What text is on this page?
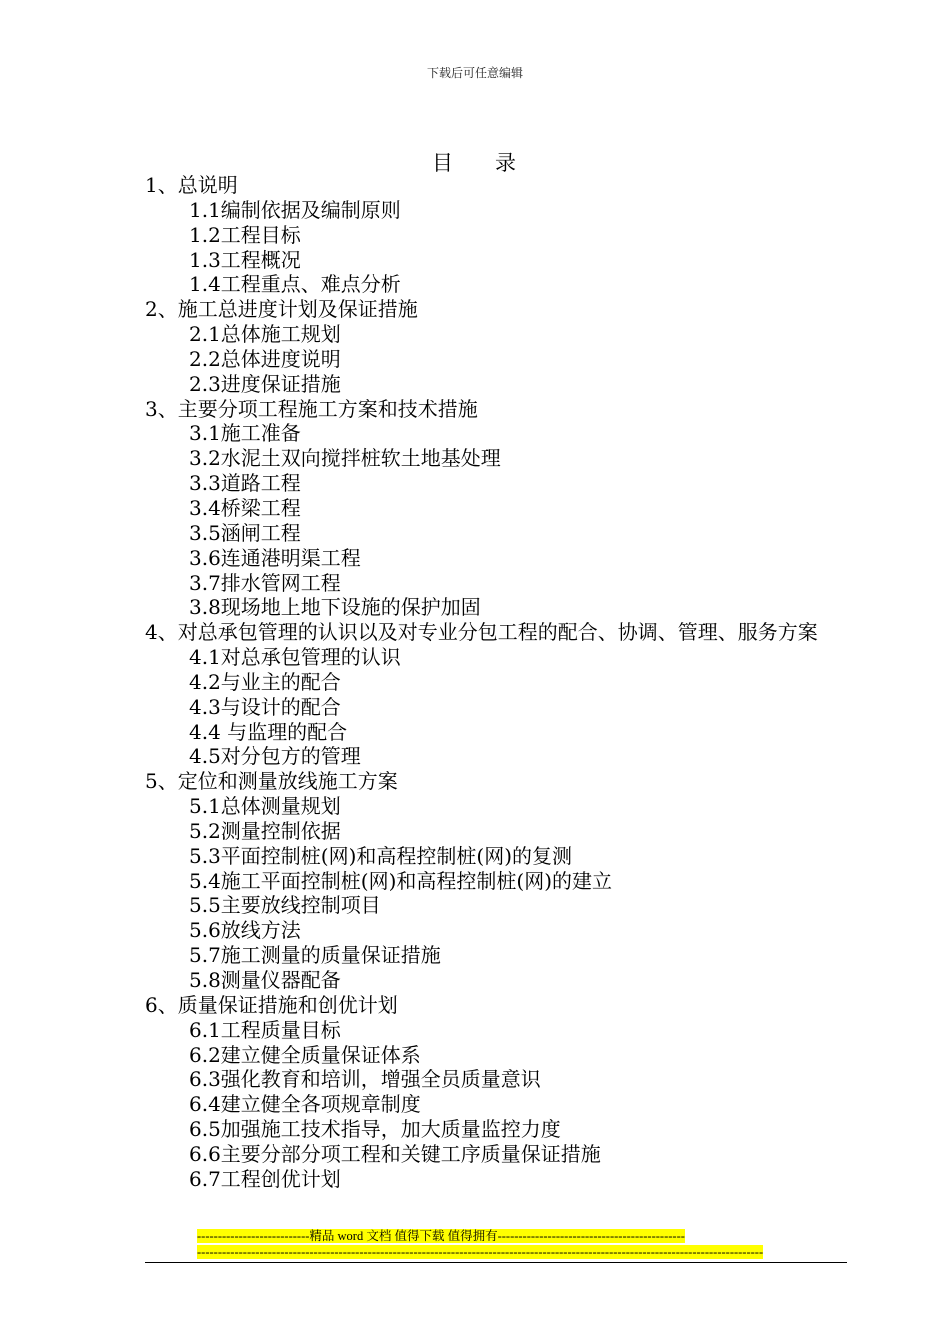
下载后可任意编辑
目录
1、总说明
1.1编制依据及编制原则
1.2工程目标
1.3工程概况
1.4工程重点、难点分析
2、施工总进度计划及保证措施
2.1总体施工规划
2.2总体进度说明
2.3进度保证措施
3、主要分项工程施工方案和技术措施
3.1施工准备
3.2水泥土双向搅拌桩软土地基处理
3.3道路工程
3.4桥梁工程
3.5涵闸工程
3.6连通港明渠工程
3.7排水管网工程
3.8现场地上地下设施的保护加固
4、对总承包管理的认识以及对专业分包工程的配合、协调、管理、服务方案
4.1对总承包管理的认识
4.2与业主的配合
4.3与设计的配合
4.4 与监理的配合
4.5对分包方的管理
5、定位和测量放线施工方案
5.1总体测量规划
5.2测量控制依据
5.3平面控制桩(网)和高程控制桩(网)的复测
5.4施工平面控制桩(网)和高程控制桩(网)的建立
5.5主要放线控制项目
5.6放线方法
5.7施工测量的质量保证措施
5.8测量仪器配备
6、质量保证措施和创优计划
6.1工程质量目标
6.2建立健全质量保证体系
6.3强化教育和培训，增强全员质量意识
6.4建立健全各项规章制度
6.5加强施工技术指导，加大质量监控力度
6.6主要分部分项工程和关键工序质量保证措施
6.7工程创优计划
---------------------------精品 word 文档 值得下载 值得拥有---------------------------------------------
----------------------------------------------------------------------------------------------------------------------------------------
